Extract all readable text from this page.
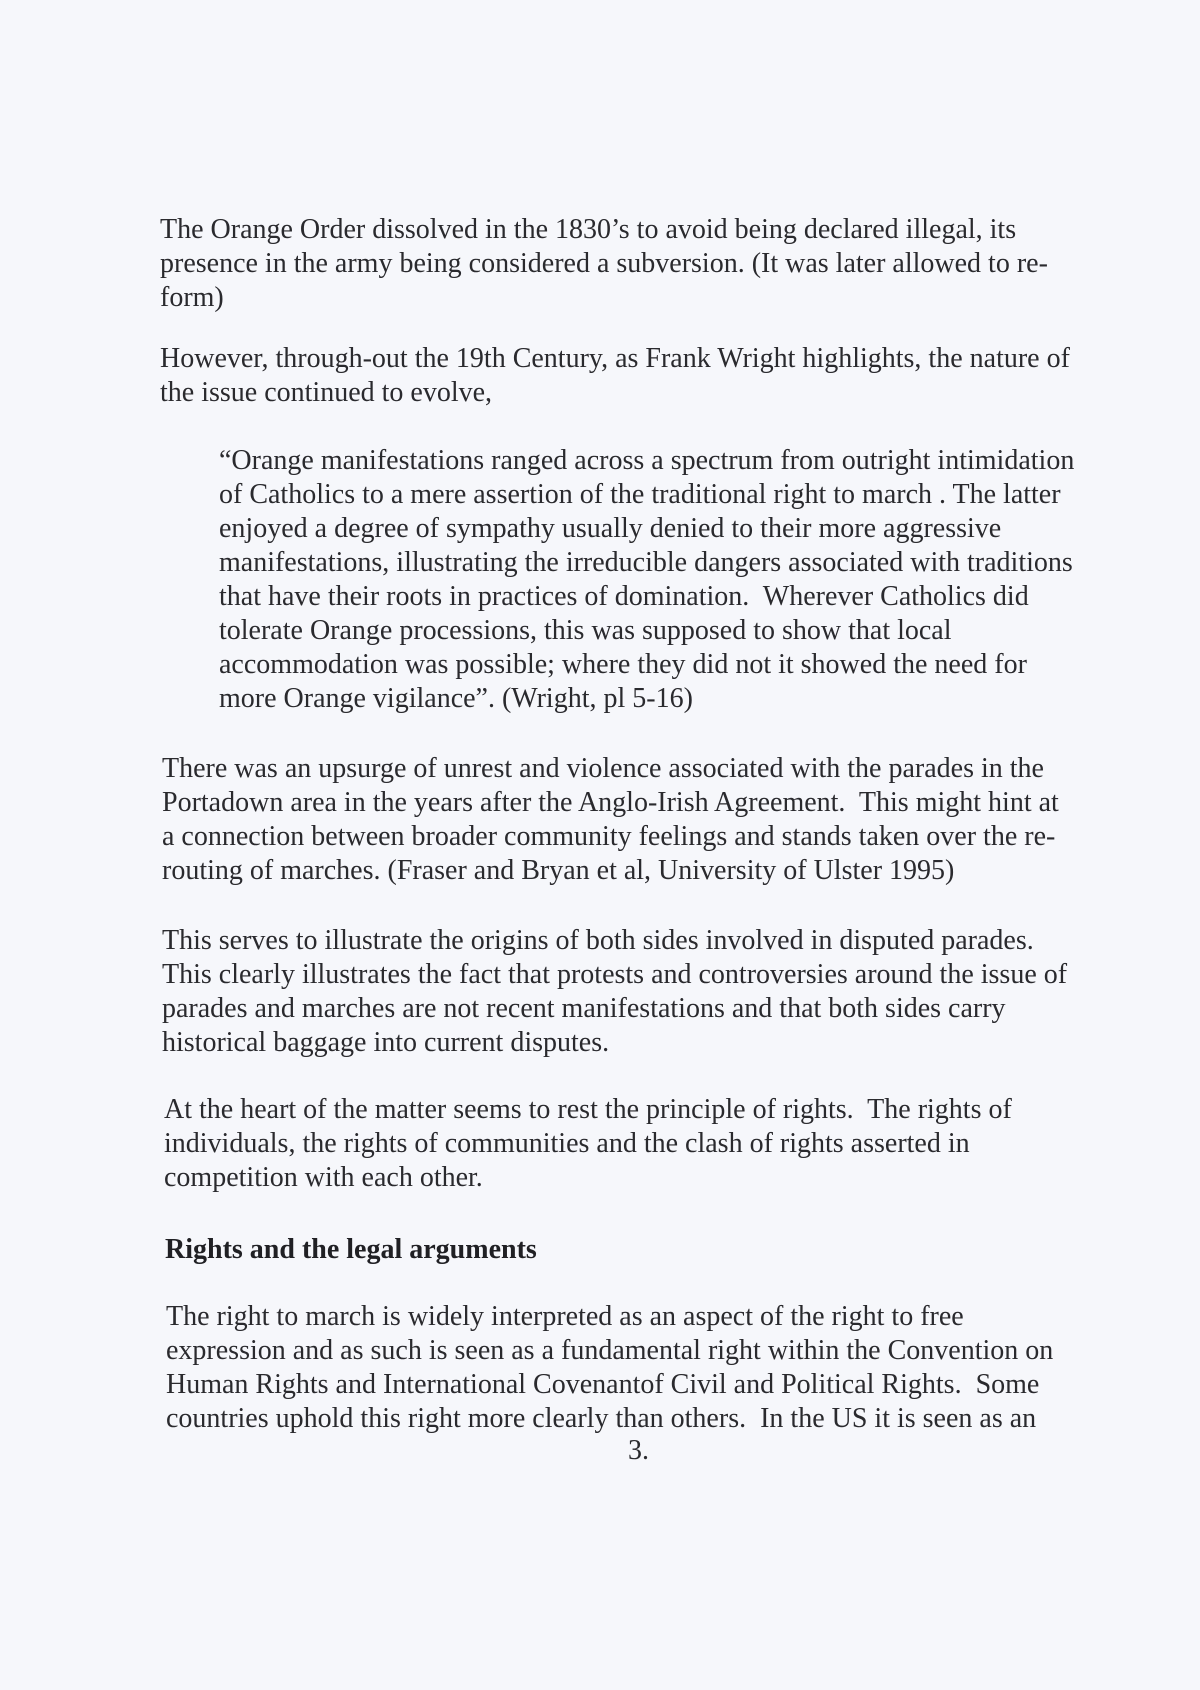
The Orange Order dissolved in the 1830’s to avoid being declared illegal, its
presence in the army being considered a subversion. (It was later allowed to re-
form)
However, through-out the 19th Century, as Frank Wright highlights, the nature of
the issue continued to evolve,
“Orange manifestations ranged across a spectrum from outright intimidation
of Catholics to a mere assertion of the traditional right to march . The latter
enjoyed a degree of sympathy usually denied to their more aggressive
manifestations, illustrating the irreducible dangers associated with traditions
that have their roots in practices of domination.  Wherever Catholics did
tolerate Orange processions, this was supposed to show that local
accommodation was possible; where they did not it showed the need for
more Orange vigilance”. (Wright, pl 5-16)
There was an upsurge of unrest and violence associated with the parades in the
Portadown area in the years after the Anglo-Irish Agreement.  This might hint at
a connection between broader community feelings and stands taken over the re-
routing of marches. (Fraser and Bryan et al, University of Ulster 1995)
This serves to illustrate the origins of both sides involved in disputed parades.
This clearly illustrates the fact that protests and controversies around the issue of
parades and marches are not recent manifestations and that both sides carry
historical baggage into current disputes.
At the heart of the matter seems to rest the principle of rights.  The rights of
individuals, the rights of communities and the clash of rights asserted in
competition with each other.
Rights and the legal arguments
The right to march is widely interpreted as an aspect of the right to free
expression and as such is seen as a fundamental right within the Convention on
Human Rights and International Covenantof Civil and Political Rights.  Some
countries uphold this right more clearly than others.  In the US it is seen as an
3.
